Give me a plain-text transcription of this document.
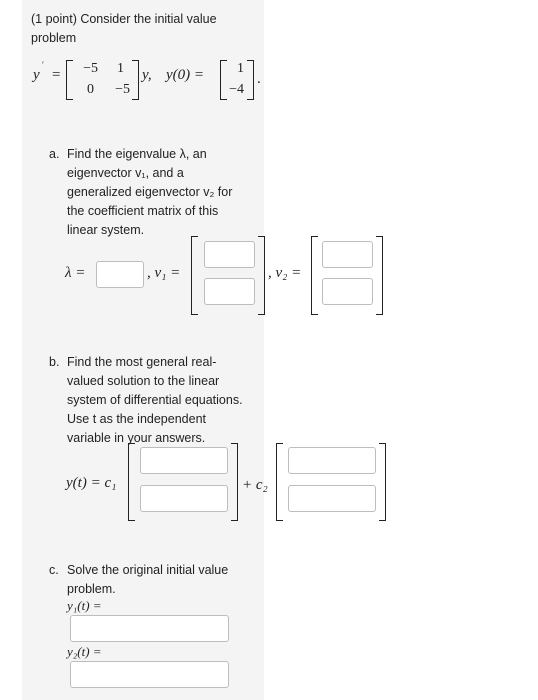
(1 point) Consider the initial value
problem
y
′
=	−5	1
0	−5
y, y(0) =	1
−4
.
a. Find the eigenvalue λ, an
eigenvector v₁, and a
generalized eigenvector v₂ for
the coefficient matrix of this
linear system.
λ =	, v₁ =	, v₂ =
b. Find the most general real-
valued solution to the linear
system of differential equations.
Use t as the independent
variable in your answers.
y(t) = c₁	+ c₂
c. Solve the original initial value
problem.
y₁(t) =
y₂(t) =
